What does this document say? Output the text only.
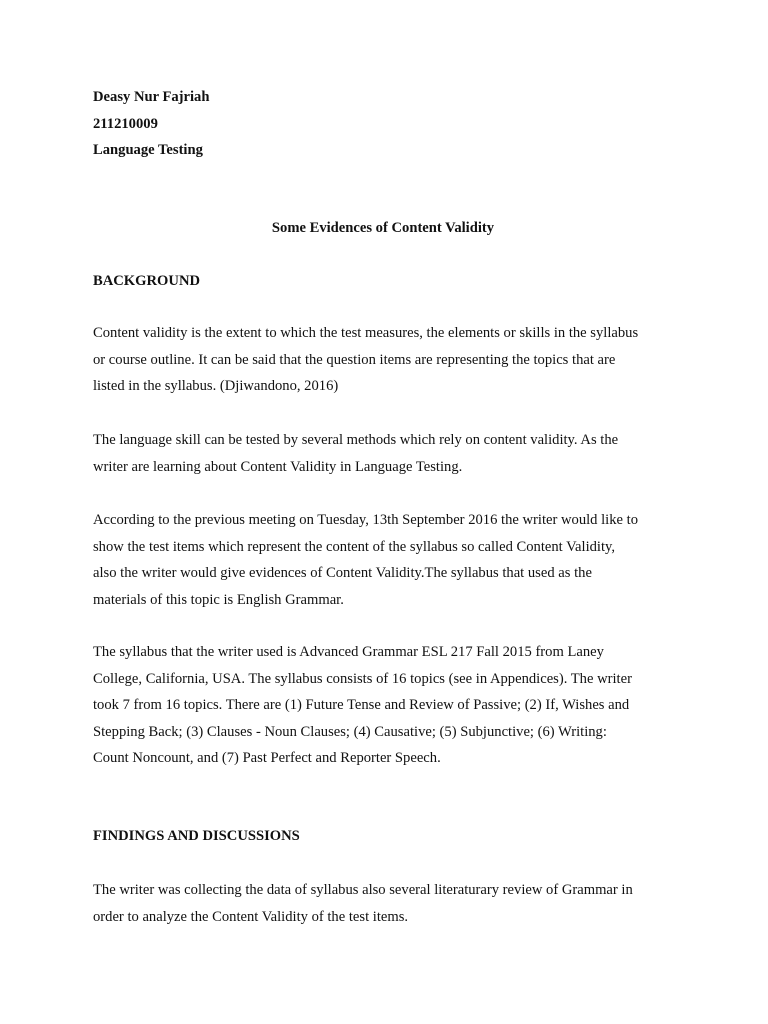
Deasy Nur Fajriah
211210009
Language Testing
Some Evidences of Content Validity
BACKGROUND
Content validity is the extent to which the test measures, the elements or skills in the syllabus
or course outline. It can be said that the question items are representing the topics that are
listed in the syllabus. (Djiwandono, 2016)
The language skill can be tested by several methods which rely on content validity. As the
writer are learning about Content Validity in Language Testing.
According to the previous meeting on Tuesday, 13th September 2016 the writer would like to
show the test items which represent the content of the syllabus so called Content Validity,
also the writer would give evidences of Content Validity.The syllabus that used as the
materials of this topic is English Grammar.
The syllabus that the writer used is Advanced Grammar ESL 217 Fall 2015 from Laney
College, California, USA. The syllabus consists of 16 topics (see in Appendices). The writer
took 7 from 16 topics. There are (1) Future Tense and Review of Passive; (2) If, Wishes and
Stepping Back; (3) Clauses - Noun Clauses; (4) Causative; (5) Subjunctive; (6) Writing:
Count Noncount, and (7) Past Perfect and Reporter Speech.
FINDINGS AND DISCUSSIONS
The writer was collecting the data of syllabus also several literaturary review of Grammar in
order to analyze the Content Validity of the test items.
